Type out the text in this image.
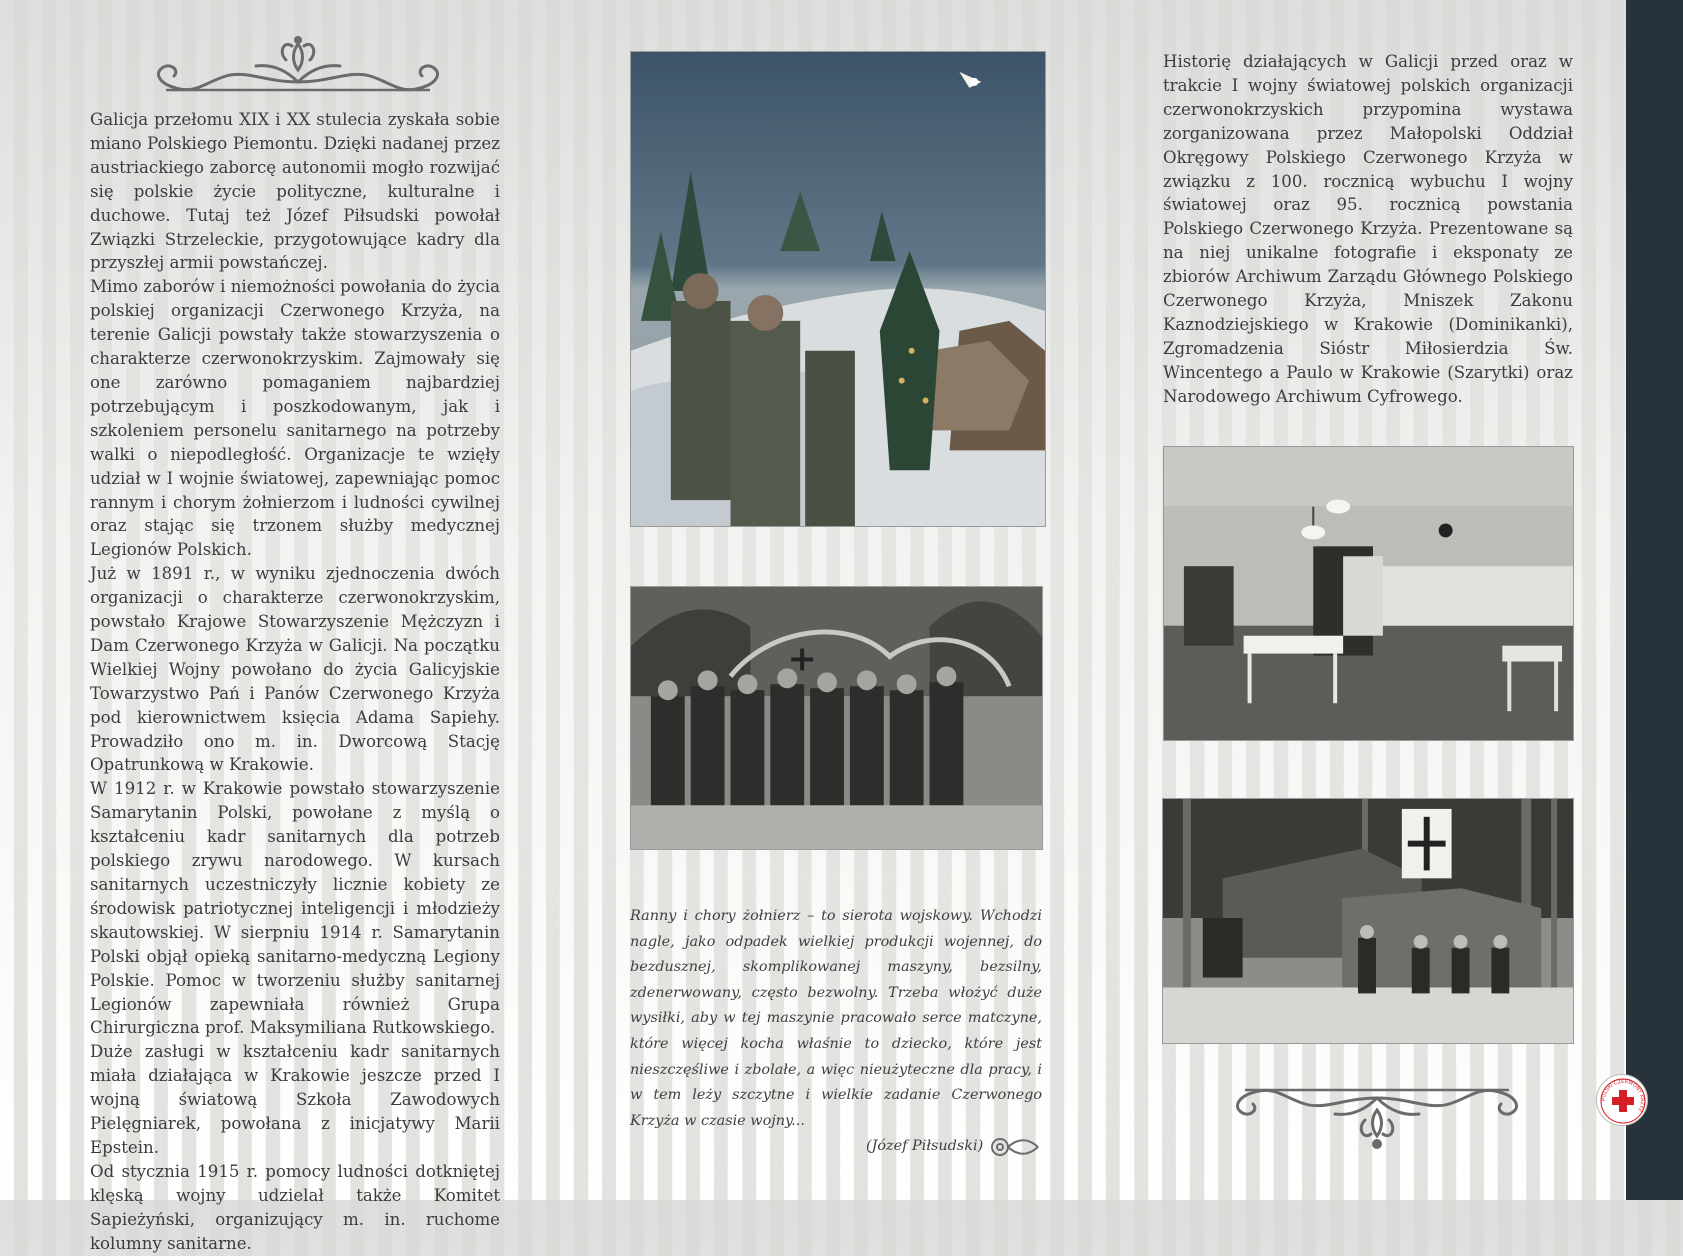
Galicja przełomu XIX i XX stulecia zyskała sobie miano Polskiego Piemontu. Dzięki nadanej przez austriackiego zaborcę autonomii mogło rozwijać się polskie życie polityczne, kulturalne i duchowe. Tutaj też Józef Piłsudski powołał Związki Strzeleckie, przygotowujące kadry dla przyszłej armii powstańczej.

Mimo zaborów i niemożności powołania do życia polskiej organizacji Czerwonego Krzyża, na terenie Galicji powstały także stowarzyszenia o charakterze czerwonokrzyskim. Zajmowały się one zarówno pomaganiem najbardziej potrzebującym i poszkodowanym, jak i szkoleniem personelu sanitarnego na potrzeby walki o niepodległość. Organizacje te wzięły udział w I wojnie światowej, zapewniając pomoc rannym i chorym żołnierzom i ludności cywilnej oraz stając się trzonem służby medycznej Legionów Polskich.

Już w 1891 r., w wyniku zjednoczenia dwóch organizacji o charakterze czerwonokrzyskim, powstało Krajowe Stowarzyszenie Mężczyzn i Dam Czerwonego Krzyża w Galicji. Na początku Wielkiej Wojny powołano do życia Galicyjskie Towarzystwo Pań i Panów Czerwonego Krzyża pod kierownictwem księcia Adama Sapiehy. Prowadziło ono m. in. Dworcową Stację Opatrunkową w Krakowie.

W 1912 r. w Krakowie powstało stowarzyszenie Samarytanin Polski, powołane z myślą o kształceniu kadr sanitarnych dla potrzeb polskiego zrywu narodowego. W kursach sanitarnych uczestniczyły licznie kobiety ze środowisk patriotycznej inteligencji i młodzieży skautowskiej. W sierpniu 1914 r. Samarytanin Polski objął opieką sanitarno-medyczną Legiony Polskie. Pomoc w tworzeniu służby sanitarnej Legionów zapewniała również Grupa Chirurgiczna prof. Maksymiliana Rutkowskiego.

Duże zasługi w kształceniu kadr sanitarnych miała działająca w Krakowie jeszcze przed I wojną światową Szkoła Zawodowych Pielęgniarek, powołana z inicjatywy Marii Epstein.

Od stycznia 1915 r. pomocy ludności dotkniętej klęską wojny udzielał także Komitet Sapieżyński, organizujący m. in. ruchome kolumny sanitarne.

Ranny i chory żołnierz – to sierota wojskowy. Wchodzi nagle, jako odpadek wielkiej produkcji wojennej, do bezdusznej, skomplikowanej maszyny, bezsilny, zdenerwowany, często bezwolny. Trzeba włożyć duże wysiłki, aby w tej maszynie pracowało serce matczyne, które więcej kocha właśnie to dziecko, które jest nieszczęśliwe i zbolałe, a więc nieużyteczne dla pracy, i w tem leży szczytne i wielkie zadanie Czerwonego Krzyża w czasie wojny...
(Józef Piłsudski)

Historię działających w Galicji przed oraz w trakcie I wojny światowej polskich organizacji czerwonokrzyskich przypomina wystawa zorganizowana przez Małopolski Oddział Okręgowy Polskiego Czerwonego Krzyża w związku z 100. rocznicą wybuchu I wojny światowej oraz 95. rocznicą powstania Polskiego Czerwonego Krzyża. Prezentowane są na niej unikalne fotografie i eksponaty ze zbiorów Archiwum Zarządu Głównego Polskiego Czerwonego Krzyża, Mniszek Zakonu Kaznodziejskiego w Krakowie (Dominikanki), Zgromadzenia Sióstr Miłosierdzia Św. Wincentego a Paulo w Krakowie (Szarytki) oraz Narodowego Archiwum Cyfrowego.

POLSKI CZERWONY KRZYŻ
